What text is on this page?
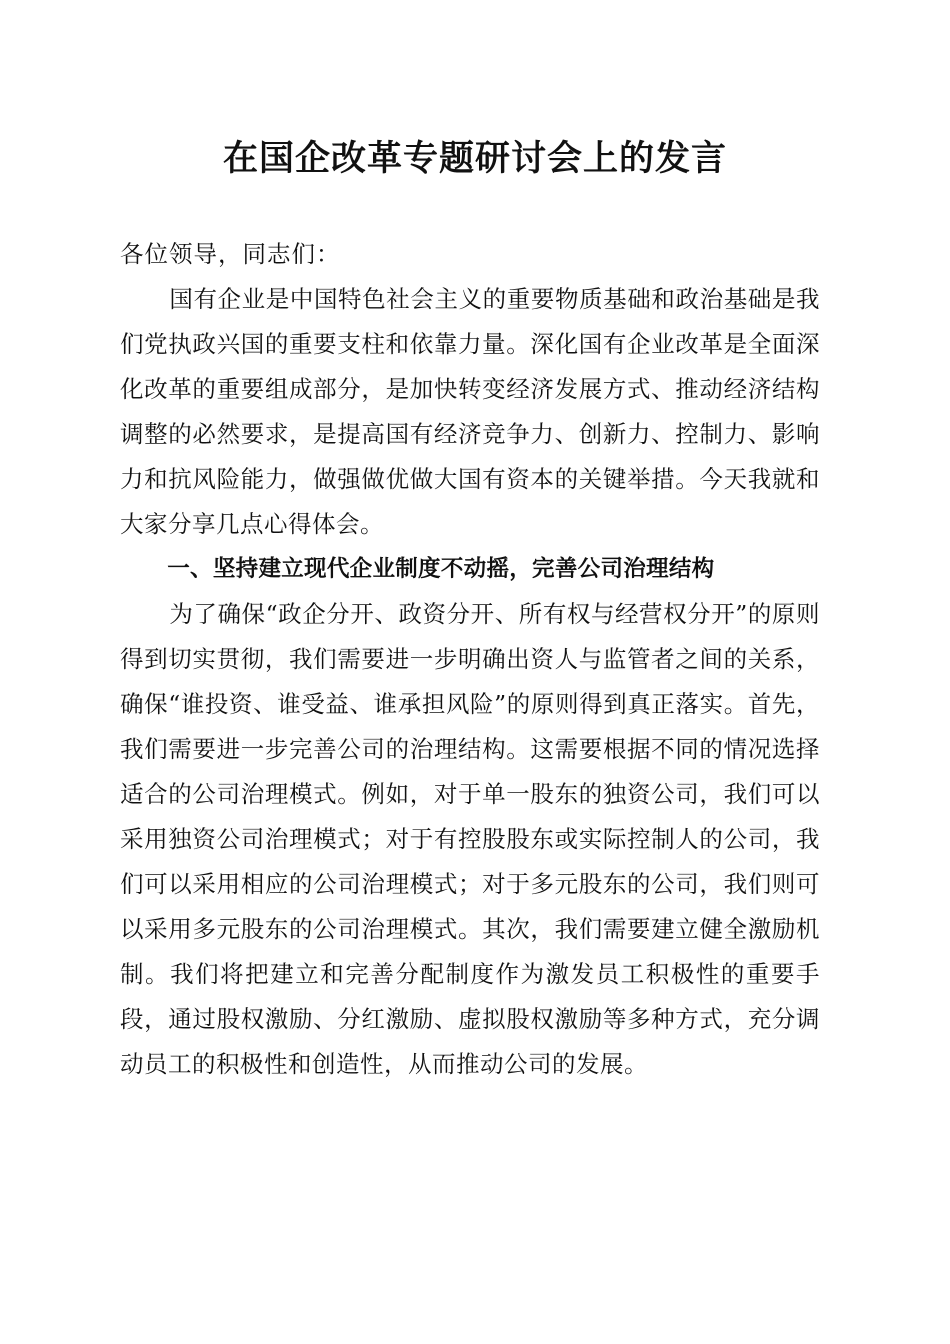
在国企改革专题研讨会上的发言

各位领导，同志们：

国有企业是中国特色社会主义的重要物质基础和政治基础是我们党执政兴国的重要支柱和依靠力量。深化国有企业改革是全面深化改革的重要组成部分，是加快转变经济发展方式、推动经济结构调整的必然要求，是提高国有经济竞争力、创新力、控制力、影响力和抗风险能力，做强做优做大国有资本的关键举措。今天我就和大家分享几点心得体会。

一、坚持建立现代企业制度不动摇，完善公司治理结构

为了确保“政企分开、政资分开、所有权与经营权分开”的原则得到切实贯彻，我们需要进一步明确出资人与监管者之间的关系，确保“谁投资、谁受益、谁承担风险”的原则得到真正落实。首先，我们需要进一步完善公司的治理结构。这需要根据不同的情况选择适合的公司治理模式。例如，对于单一股东的独资公司，我们可以采用独资公司治理模式；对于有控股股东或实际控制人的公司，我们可以采用相应的公司治理模式；对于多元股东的公司，我们则可以采用多元股东的公司治理模式。其次，我们需要建立健全激励机制。我们将把建立和完善分配制度作为激发员工积极性的重要手段，通过股权激励、分红激励、虚拟股权激励等多种方式，充分调动员工的积极性和创造性，从而推动公司的发展。
